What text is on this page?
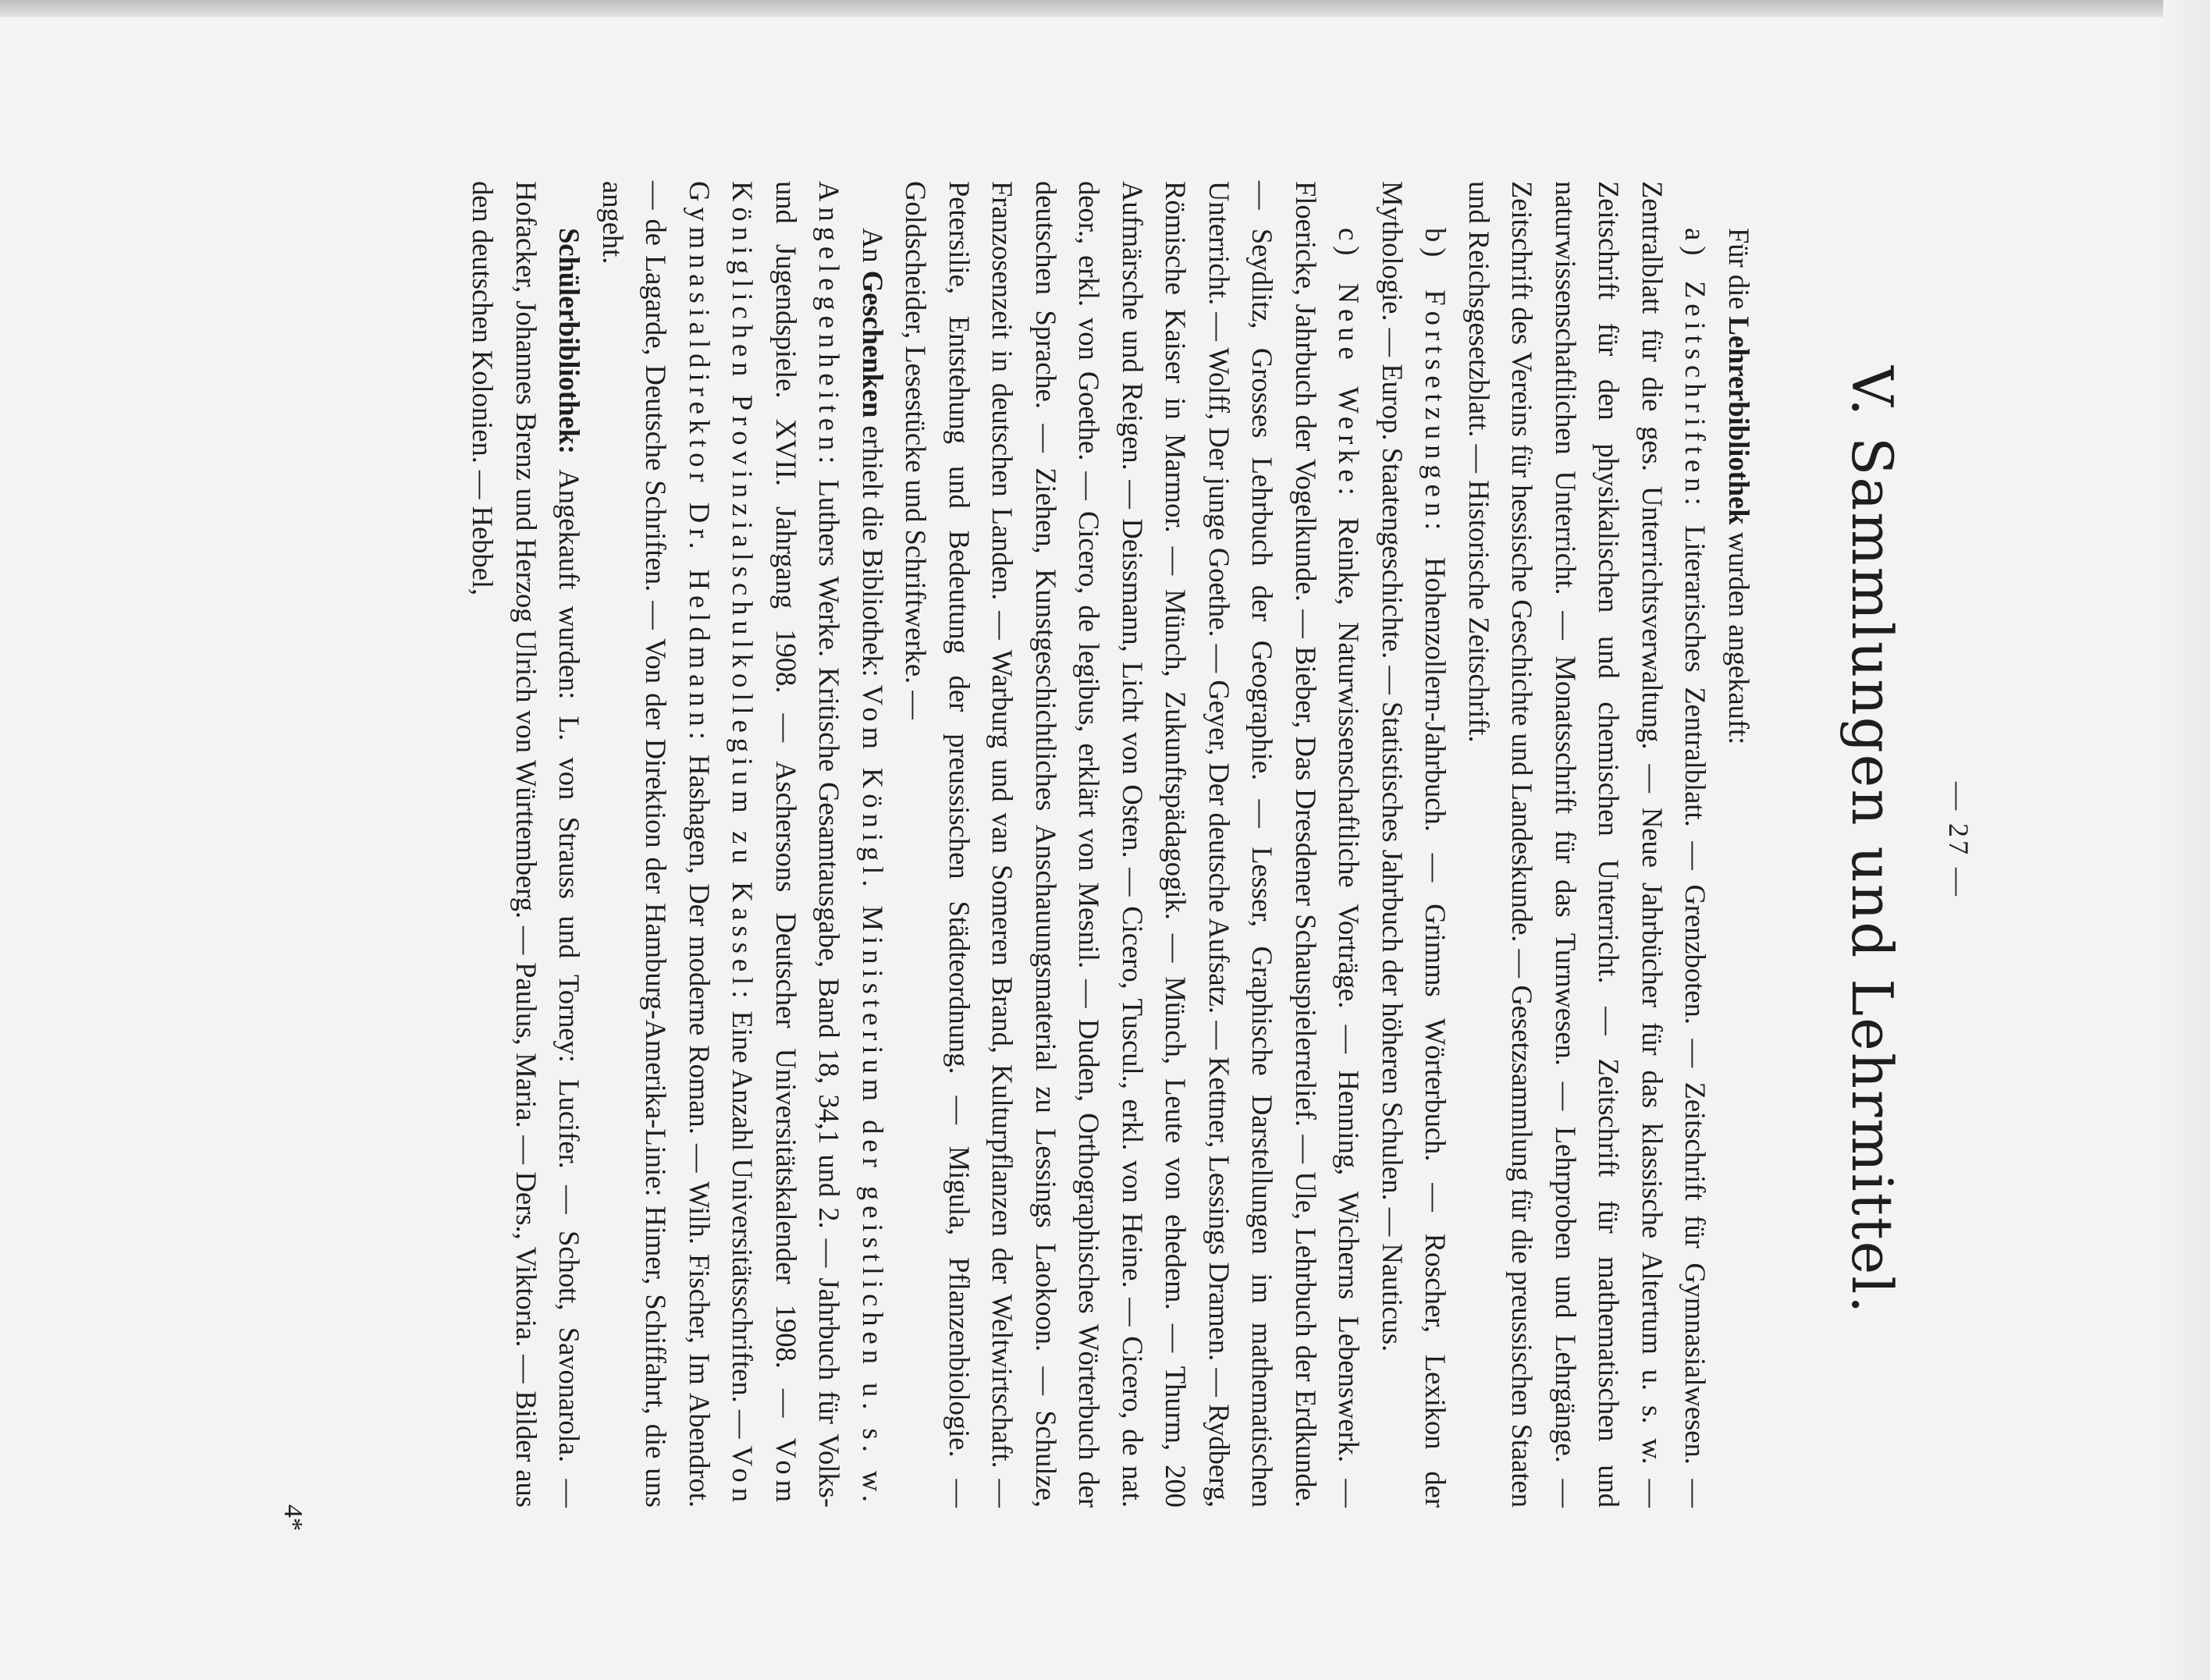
— 27 —
V. Sammlungen und Lehrmittel.

Für die Lehrerbibliothek wurden angekauft:

a) Zeitschriften: Literarisches Zentralblatt. — Grenzboten. — Zeitschrift für Gymnasialwesen. — Zentralblatt für die ges. Unterrichtsverwaltung. — Neue Jahrbücher für das klassische Altertum u. s. w. — Zeitschrift für den physikalischen und chemischen Unterricht. — Zeitschrift für mathematischen und naturwissenschaftlichen Unterricht. — Monatsschrift für das Turnwesen. — Lehrproben und Lehrgänge. — Zeitschrift des Vereins für hessische Geschichte und Landeskunde. — Gesetzsammlung für die preussischen Staaten und Reichsgesetzblatt. — Historische Zeitschrift.

b) Fortsetzungen: Hohenzollern-Jahrbuch. — Grimms Wörterbuch. — Roscher, Lexikon der Mythologie. — Europ. Staatengeschichte. — Statistisches Jahrbuch der höheren Schulen. — Nauticus.

c) Neue Werke: Reinke, Naturwissenschaftliche Vorträge. — Henning, Wicherns Lebenswerk. — Floericke, Jahrbuch der Vogelkunde. — Bieber, Das Dresdener Schauspielerrelief. — Ule, Lehrbuch der Erdkunde. — Seydlitz, Grosses Lehrbuch der Geographie. — Lesser, Graphische Darstellungen im mathematischen Unterricht. — Wolff, Der junge Goethe. — Geyer, Der deutsche Aufsatz. — Kettner, Lessings Dramen. — Rydberg, Römische Kaiser in Marmor. — Münch, Zukunftspädagogik. — Münch, Leute von ehedem. — Thurm, 200 Aufmärsche und Reigen. — Deissmann, Licht von Osten. — Cicero, Tuscul., erkl. von Heine. — Cicero, de nat. deor., erkl. von Goethe. — Cicero, de legibus, erklärt von Mesnil. — Duden, Orthographisches Wörterbuch der deutschen Sprache. — Ziehen, Kunstgeschichtliches Anschauungsmaterial zu Lessings Laokoon. — Schulze, Franzosenzeit in deutschen Landen. — Warburg und van Someren Brand, Kulturpflanzen der Weltwirtschaft. — Petersilie, Entstehung und Bedeutung der preussischen Städteordnung. — Migula, Pflanzenbiologie. — Goldscheider, Lesestücke und Schriftwerke. —

An Geschenken erhielt die Bibliothek: Vom Königl. Ministerium der geistlichen u. s. w. Angelegenheiten: Luthers Werke. Kritische Gesamtausgabe, Band 18, 34,1 und 2. — Jahrbuch für Volks- und Jugendspiele. XVII. Jahrgang 1908. — Aschersons Deutscher Universitätskalender 1908. — Vom Königlichen Provinzialschulkollegium zu Kassel: Eine Anzahl Universitätsschriften. — Von Gymnasialdirektor Dr. Heldmann: Hashagen, Der moderne Roman. — Wilh. Fischer, Im Abendrot. — de Lagarde, Deutsche Schriften. — Von der Direktion der Hamburg-Amerika-Linie: Himer, Schiffahrt, die uns angeht.

Schülerbibliothek: Angekauft wurden: L. von Strauss und Torney: Lucifer. — Schott, Savonarola. — Hofacker, Johannes Brenz und Herzog Ulrich von Württemberg. — Paulus, Maria. — Ders., Viktoria. — Bilder aus den deutschen Kolonien. — Hebbel,

4*
